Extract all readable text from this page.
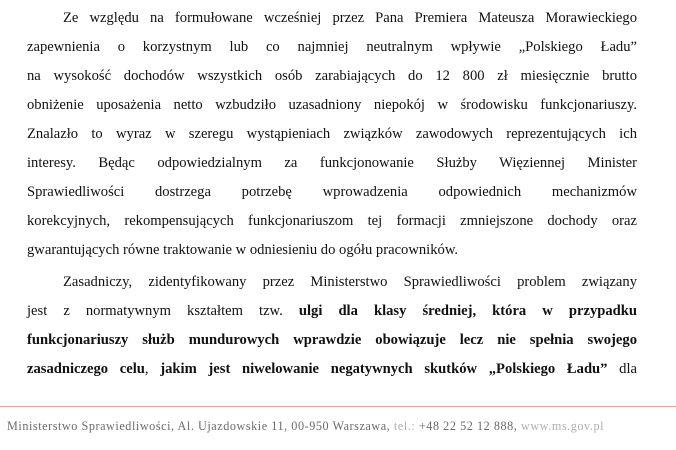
Ze względu na formułowane wcześniej przez Pana Premiera Mateusza Morawieckiego
zapewnienia o korzystnym lub co najmniej neutralnym wpływie „Polskiego Ładu”
na wysokość dochodów wszystkich osób zarabiających do 12 800 zł miesięcznie brutto
obniżenie uposażenia netto wzbudziło uzasadniony niepokój w środowisku funkcjonariuszy.
Znalazło to wyraz w szeregu wystąpieniach związków zawodowych reprezentujących ich
interesy. Będąc odpowiedzialnym za funkcjonowanie Służby Więziennej Minister
Sprawiedliwości dostrzega potrzebę wprowadzenia odpowiednich mechanizmów
korekcyjnych, rekompensujących funkcjonariuszom tej formacji zmniejszone dochody oraz
gwarantujących równe traktowanie w odniesieniu do ogółu pracowników.
Zasadniczy, zidentyfikowany przez Ministerstwo Sprawiedliwości problem związany
jest z normatywnym kształtem tzw. ulgi dla klasy średniej, która w przypadku
funkcjonariuszy służb mundurowych wprawdzie obowiązuje lecz nie spełnia swojego
zasadniczego celu, jakim jest niwelowanie negatywnych skutków „Polskiego Ładu” dla
Ministerstwo Sprawiedliwości, Al. Ujazdowskie 11, 00-950 Warszawa, tel.: +48 22 52 12 888, www.ms.gov.pl
